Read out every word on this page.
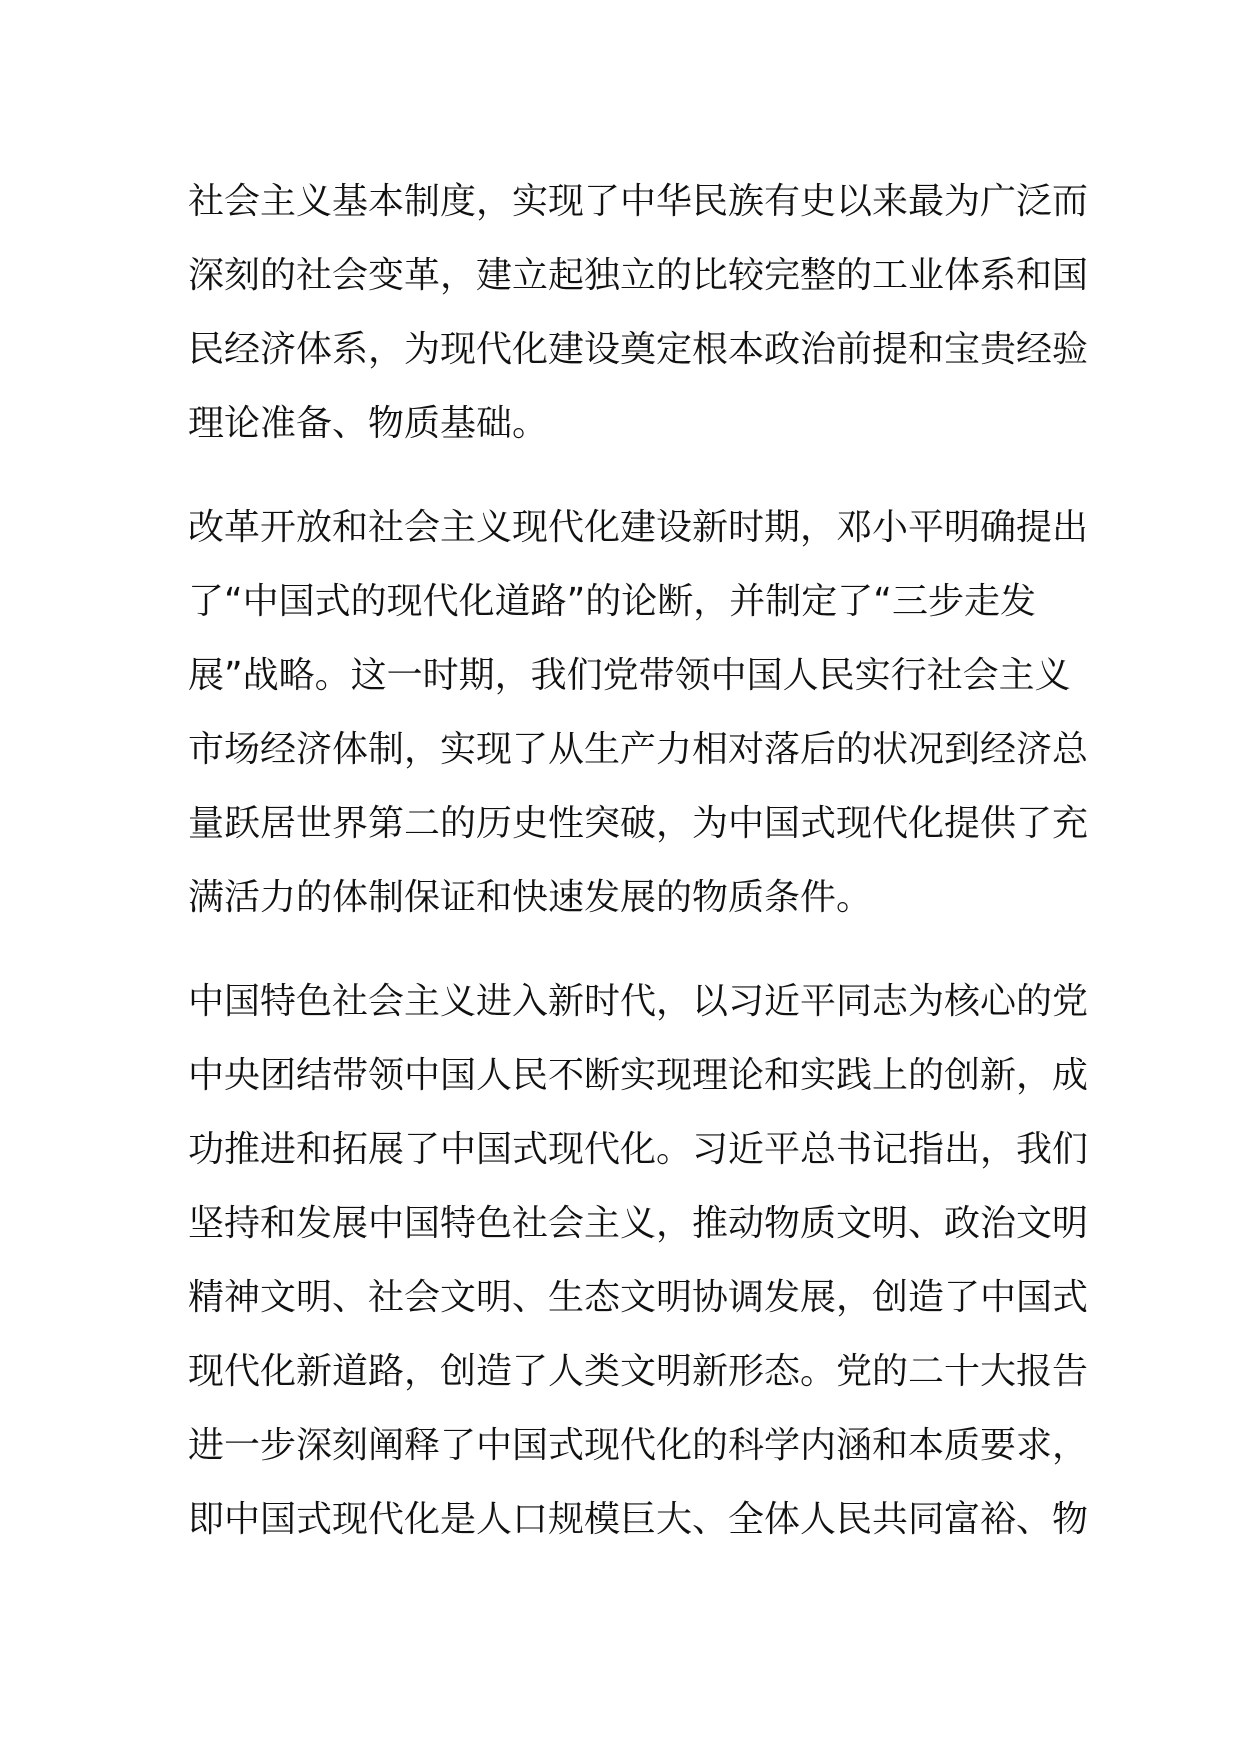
社会主义基本制度，实现了中华民族有史以来最为广泛而
深刻的社会变革，建立起独立的比较完整的工业体系和国
民经济体系，为现代化建设奠定根本政治前提和宝贵经验
理论准备、物质基础。
改革开放和社会主义现代化建设新时期，邓小平明确提出
了“中国式的现代化道路”的论断，并制定了“三步走发
展”战略。这一时期，我们党带领中国人民实行社会主义
市场经济体制，实现了从生产力相对落后的状况到经济总
量跃居世界第二的历史性突破，为中国式现代化提供了充
满活力的体制保证和快速发展的物质条件。
中国特色社会主义进入新时代，以习近平同志为核心的党
中央团结带领中国人民不断实现理论和实践上的创新，成
功推进和拓展了中国式现代化。习近平总书记指出，我们
坚持和发展中国特色社会主义，推动物质文明、政治文明
精神文明、社会文明、生态文明协调发展，创造了中国式
现代化新道路，创造了人类文明新形态。党的二十大报告
进一步深刻阐释了中国式现代化的科学内涵和本质要求，
即中国式现代化是人口规模巨大、全体人民共同富裕、物
